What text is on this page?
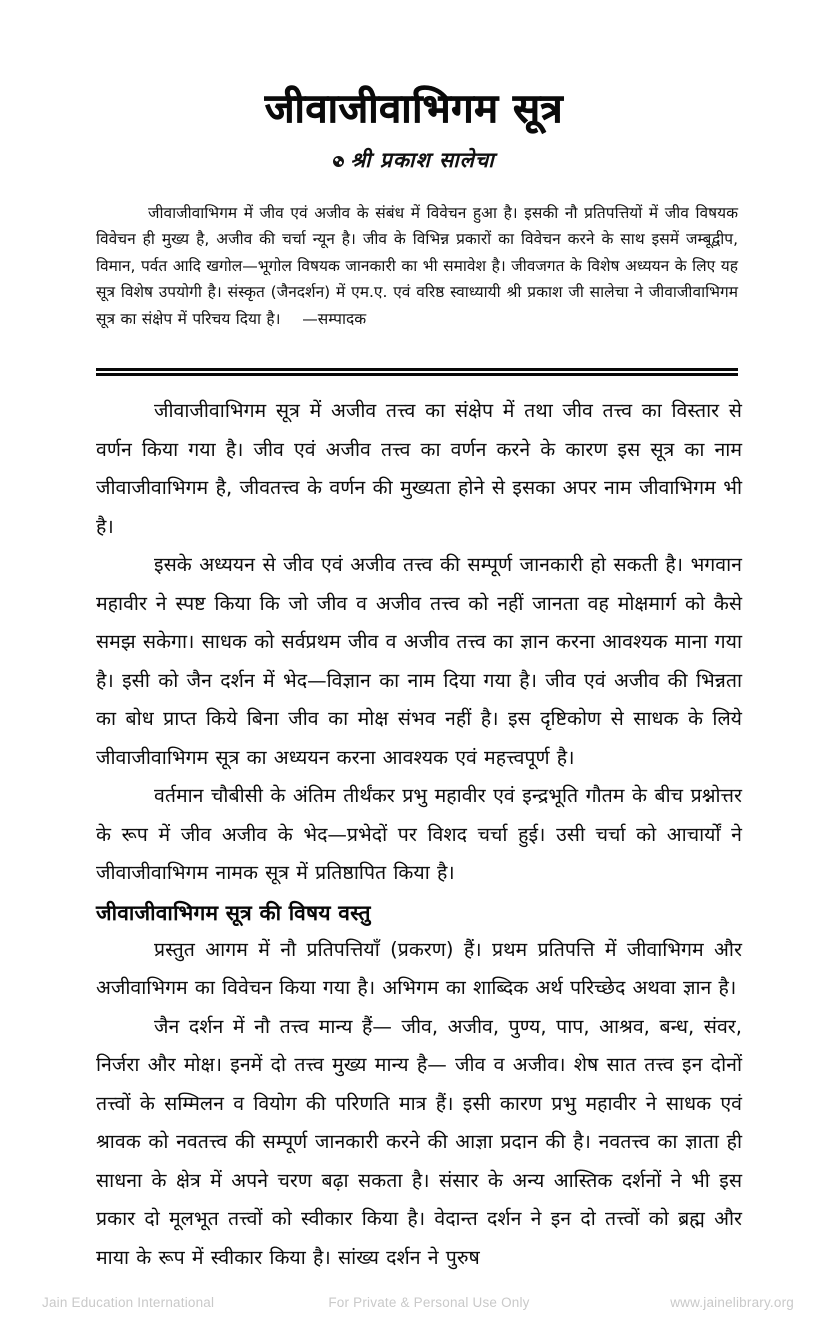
जीवाजीवाभिगम सूत्र
श्री प्रकाश सालेचा

जीवाजीवाभिगम में जीव एवं अजीव के संबंध में विवेचन हुआ है। इसकी नौ प्रतिपत्तियों में जीव विषयक विवेचन ही मुख्य है, अजीव की चर्चा न्यून है। जीव के विभिन्न प्रकारों का विवेचन करने के साथ इसमें जम्बूद्वीप, विमान, पर्वत आदि खगोल—भूगोल विषयक जानकारी का भी समावेश है। जीवजगत के विशेष अध्ययन के लिए यह सूत्र विशेष उपयोगी है। संस्कृत (जैनदर्शन) में एम.ए. एवं वरिष्ठ स्वाध्यायी श्री प्रकाश जी सालेचा ने जीवाजीवाभिगम सूत्र का संक्षेप में परिचय दिया है। —सम्पादक

जीवाजीवाभिगम सूत्र में अजीव तत्त्व का संक्षेप में तथा जीव तत्त्व का विस्तार से वर्णन किया गया है। जीव एवं अजीव तत्त्व का वर्णन करने के कारण इस सूत्र का नाम जीवाजीवाभिगम है, जीवतत्त्व के वर्णन की मुख्यता होने से इसका अपर नाम जीवाभिगम भी है।

इसके अध्ययन से जीव एवं अजीव तत्त्व की सम्पूर्ण जानकारी हो सकती है। भगवान महावीर ने स्पष्ट किया कि जो जीव व अजीव तत्त्व को नहीं जानता वह मोक्षमार्ग को कैसे समझ सकेगा। साधक को सर्वप्रथम जीव व अजीव तत्त्व का ज्ञान करना आवश्यक माना गया है। इसी को जैन दर्शन में भेद—विज्ञान का नाम दिया गया है। जीव एवं अजीव की भिन्नता का बोध प्राप्त किये बिना जीव का मोक्ष संभव नहीं है। इस दृष्टिकोण से साधक के लिये जीवाजीवाभिगम सूत्र का अध्ययन करना आवश्यक एवं महत्त्वपूर्ण है।

वर्तमान चौबीसी के अंतिम तीर्थंकर प्रभु महावीर एवं इन्द्रभूति गौतम के बीच प्रश्नोत्तर के रूप में जीव अजीव के भेद—प्रभेदों पर विशद चर्चा हुई। उसी चर्चा को आचार्यों ने जीवाजीवाभिगम नामक सूत्र में प्रतिष्ठापित किया है।

जीवाजीवाभिगम सूत्र की विषय वस्तु

प्रस्तुत आगम में नौ प्रतिपत्तियाँ (प्रकरण) हैं। प्रथम प्रतिपत्ति में जीवाभिगम और अजीवाभिगम का विवेचन किया गया है। अभिगम का शाब्दिक अर्थ परिच्छेद अथवा ज्ञान है।

जैन दर्शन में नौ तत्त्व मान्य हैं— जीव, अजीव, पुण्य, पाप, आश्रव, बन्ध, संवर, निर्जरा और मोक्ष। इनमें दो तत्त्व मुख्य मान्य है— जीव व अजीव। शेष सात तत्त्व इन दोनों तत्त्वों के सम्मिलन व वियोग की परिणति मात्र हैं। इसी कारण प्रभु महावीर ने साधक एवं श्रावक को नवतत्त्व की सम्पूर्ण जानकारी करने की आज्ञा प्रदान की है। नवतत्त्व का ज्ञाता ही साधना के क्षेत्र में अपने चरण बढ़ा सकता है। संसार के अन्य आस्तिक दर्शनों ने भी इस प्रकार दो मूलभूत तत्त्वों को स्वीकार किया है। वेदान्त दर्शन ने इन दो तत्त्वों को ब्रह्म और माया के रूप में स्वीकार किया है। सांख्य दर्शन ने पुरुष

Jain Education International	For Private & Personal Use Only	www.jainelibrary.org
